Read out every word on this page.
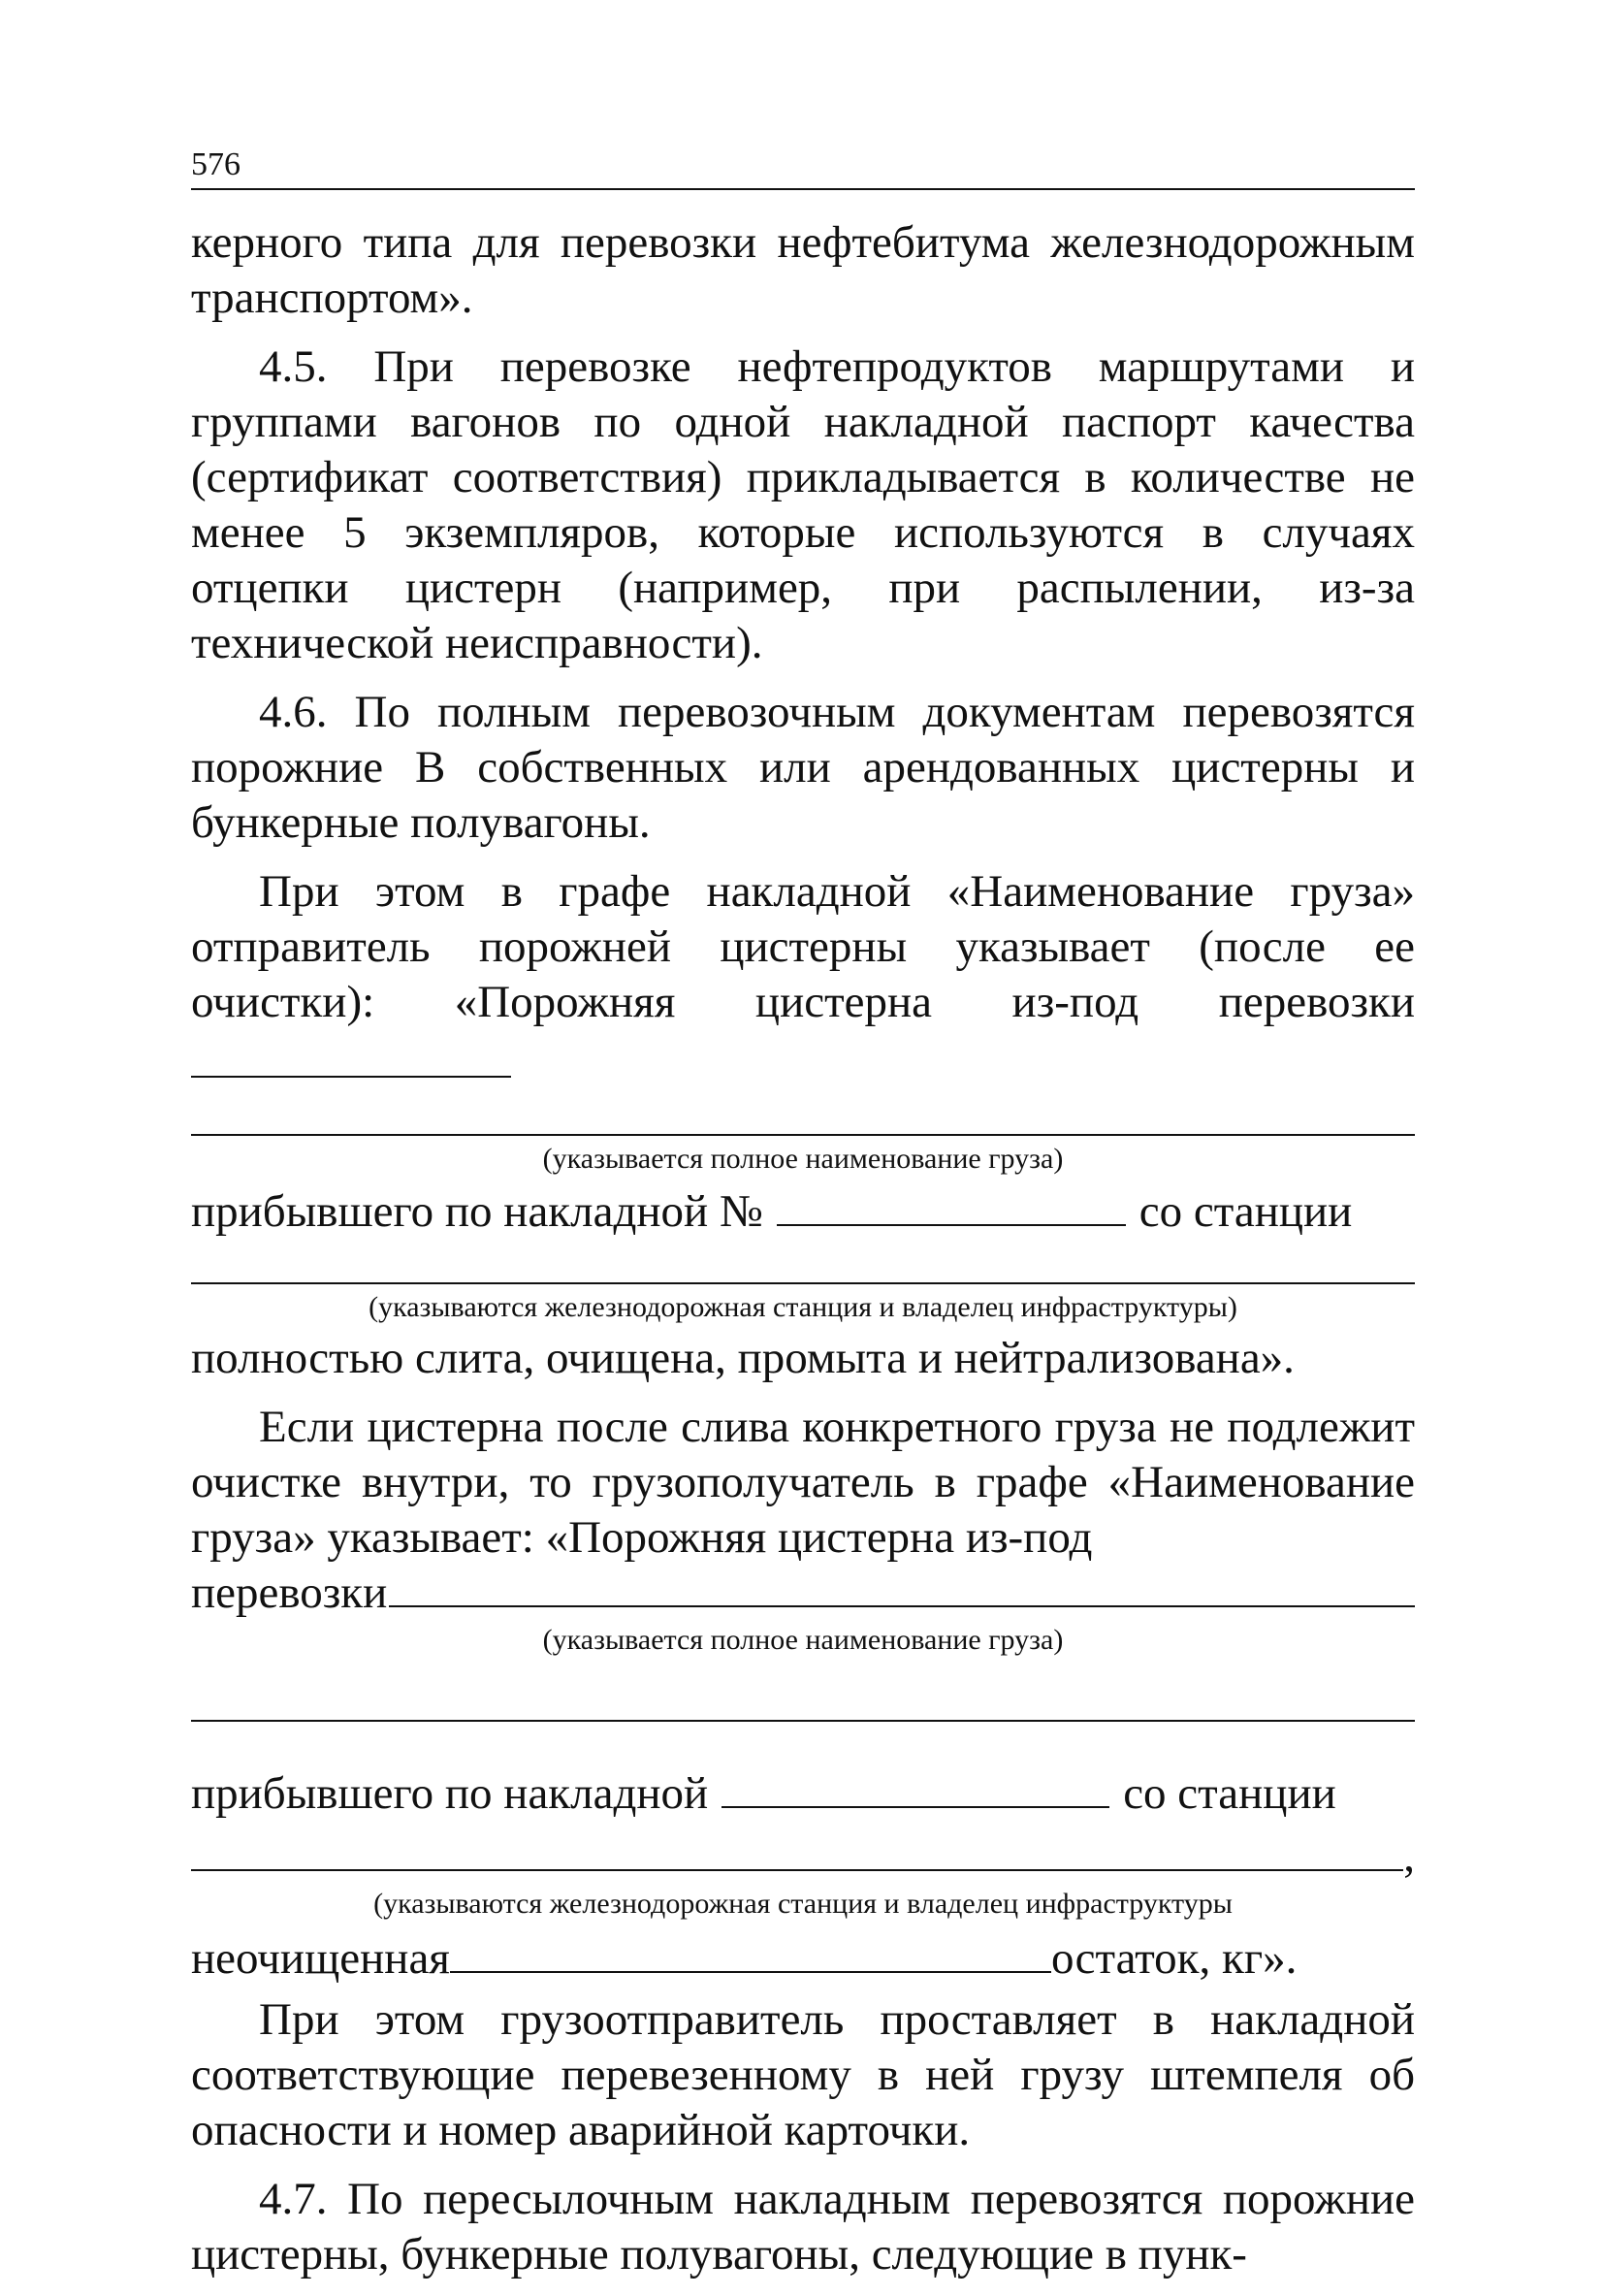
576

керного типа для перевозки нефтебитума железнодорожным транспортом».

4.5. При перевозке нефтепродуктов маршрутами и группами вагонов по одной накладной паспорт качества (сертификат соответствия) прикладывается в количестве не менее 5 экземпляров, которые используются в случаях отцепки цистерн (например, при распылении, из-за технической неисправности).

4.6. По полным перевозочным документам перевозятся порожние В собственных или арендованных цистерны и бункерные полувагоны.

При этом в графе накладной «Наименование груза» отправитель порожней цистерны указывает (после ее очистки): «Порожняя цистерна из-под перевозки

(указывается полное наименование груза)

прибывшего по накладной №	со станции

(указываются железнодорожная станция и владелец инфраструктуры)

полностью слита, очищена, промыта и нейтрализована».

Если цистерна после слива конкретного груза не подлежит очистке внутри, то грузополучатель в графе «Наименование груза» указывает: «Порожняя цистерна из-под

перевозки

(указывается полное наименование груза)

прибывшего по накладной	со станции
,

(указываются железнодорожная станция и владелец инфраструктуры

неочищенная	остаток, кг».

При этом грузоотправитель проставляет в накладной соответствующие перевезенному в ней грузу штемпеля об опасности и номер аварийной карточки.

4.7. По пересылочным накладным перевозятся порожние цистерны, бункерные полувагоны, следующие в пунк-
